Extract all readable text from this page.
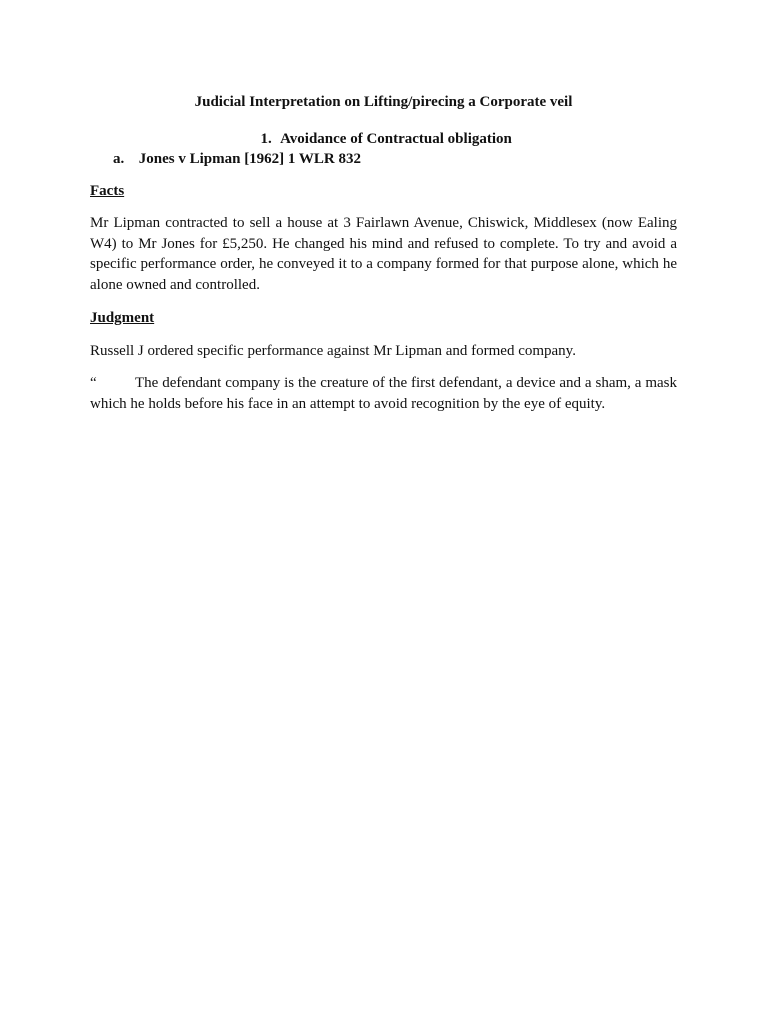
Judicial Interpretation on Lifting/pirecing a Corporate veil

1. Avoidance of Contractual obligation

a. Jones v Lipman [1962] 1 WLR 832

Facts

Mr Lipman contracted to sell a house at 3 Fairlawn Avenue, Chiswick, Middlesex (now Ealing W4) to Mr Jones for £5,250. He changed his mind and refused to complete. To try and avoid a specific performance order, he conveyed it to a company formed for that purpose alone, which he alone owned and controlled.

Judgment

Russell J ordered specific performance against Mr Lipman and formed company.

“	The defendant company is the creature of the first defendant, a device and a sham, a mask which he holds before his face in an attempt to avoid recognition by the eye of equity.
